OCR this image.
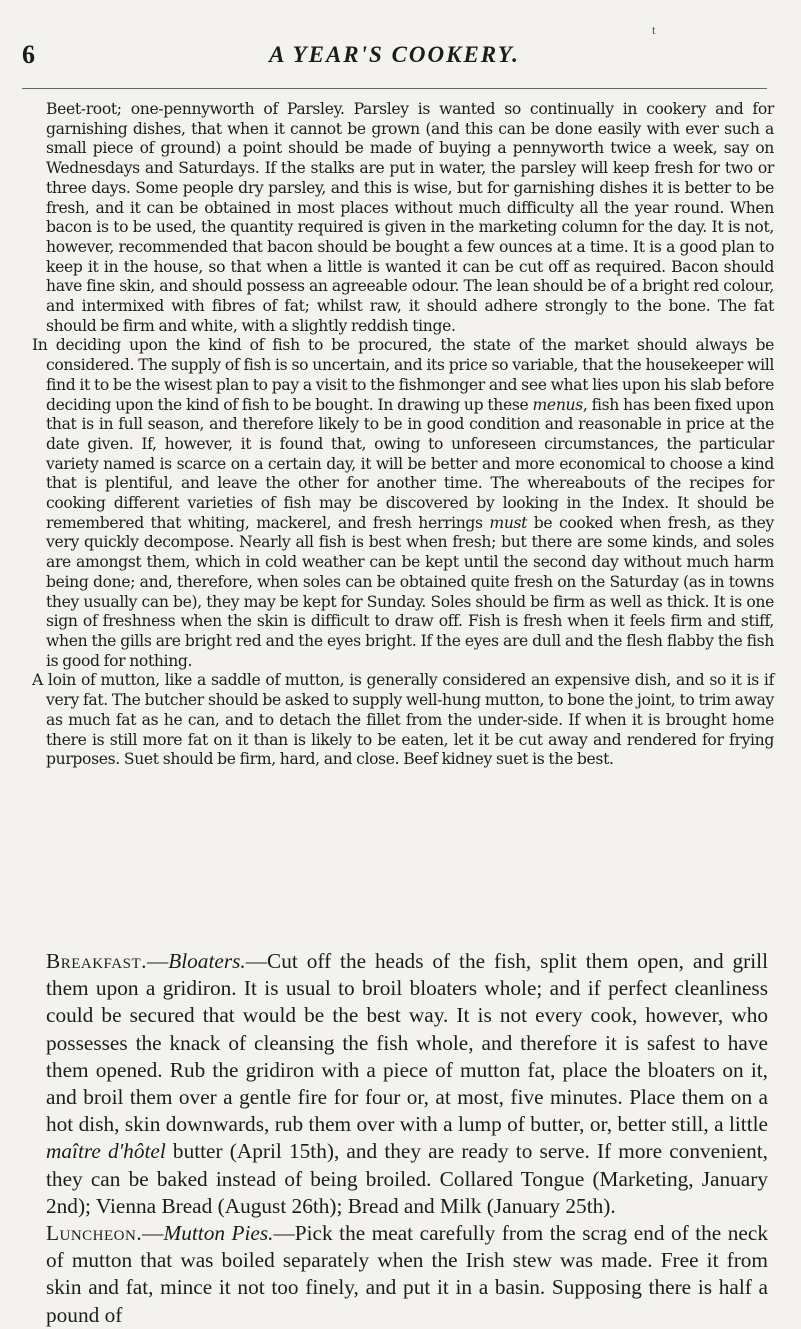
t
6	A YEAR'S COOKERY.

Beet-root; one-pennyworth of Parsley. Parsley is wanted so continually in cookery and for garnishing dishes, that when it cannot be grown (and this can be done easily with ever such a small piece of ground) a point should be made of buying a pennyworth twice a week, say on Wednesdays and Saturdays. If the stalks are put in water, the parsley will keep fresh for two or three days. Some people dry parsley, and this is wise, but for garnishing dishes it is better to be fresh, and it can be obtained in most places without much difficulty all the year round. When bacon is to be used, the quantity required is given in the marketing column for the day. It is not, however, recommended that bacon should be bought a few ounces at a time. It is a good plan to keep it in the house, so that when a little is wanted it can be cut off as required. Bacon should have fine skin, and should possess an agreeable odour. The lean should be of a bright red colour, and intermixed with fibres of fat; whilst raw, it should adhere strongly to the bone. The fat should be firm and white, with a slightly reddish tinge.

In deciding upon the kind of fish to be procured, the state of the market should always be considered. The supply of fish is so uncertain, and its price so variable, that the housekeeper will find it to be the wisest plan to pay a visit to the fishmonger and see what lies upon his slab before deciding upon the kind of fish to be bought. In drawing up these menus, fish has been fixed upon that is in full season, and therefore likely to be in good condition and reasonable in price at the date given. If, however, it is found that, owing to unforeseen circumstances, the particular variety named is scarce on a certain day, it will be better and more economical to choose a kind that is plentiful, and leave the other for another time. The whereabouts of the recipes for cooking different varieties of fish may be discovered by looking in the Index. It should be remembered that whiting, mackerel, and fresh herrings must be cooked when fresh, as they very quickly decompose. Nearly all fish is best when fresh; but there are some kinds, and soles are amongst them, which in cold weather can be kept until the second day without much harm being done; and, therefore, when soles can be obtained quite fresh on the Saturday (as in towns they usually can be), they may be kept for Sunday. Soles should be firm as well as thick. It is one sign of freshness when the skin is difficult to draw off. Fish is fresh when it feels firm and stiff, when the gills are bright red and the eyes bright. If the eyes are dull and the flesh flabby the fish is good for nothing.

A loin of mutton, like a saddle of mutton, is generally considered an expensive dish, and so it is if very fat. The butcher should be asked to supply well-hung mutton, to bone the joint, to trim away as much fat as he can, and to detach the fillet from the under-side. If when it is brought home there is still more fat on it than is likely to be eaten, let it be cut away and rendered for frying purposes. Suet should be firm, hard, and close. Beef kidney suet is the best.

Breakfast.—Bloaters.—Cut off the heads of the fish, split them open, and grill them upon a gridiron. It is usual to broil bloaters whole; and if perfect cleanliness could be secured that would be the best way. It is not every cook, however, who possesses the knack of cleansing the fish whole, and therefore it is safest to have them opened. Rub the gridiron with a piece of mutton fat, place the bloaters on it, and broil them over a gentle fire for four or, at most, five minutes. Place them on a hot dish, skin downwards, rub them over with a lump of butter, or, better still, a little maître d'hôtel butter (April 15th), and they are ready to serve. If more convenient, they can be baked instead of being broiled. Collared Tongue (Marketing, January 2nd); Vienna Bread (August 26th); Bread and Milk (January 25th).

Luncheon.—Mutton Pies.—Pick the meat carefully from the scrag end of the neck of mutton that was boiled separately when the Irish stew was made. Free it from skin and fat, mince it not too finely, and put it in a basin. Supposing there is half a pound of
